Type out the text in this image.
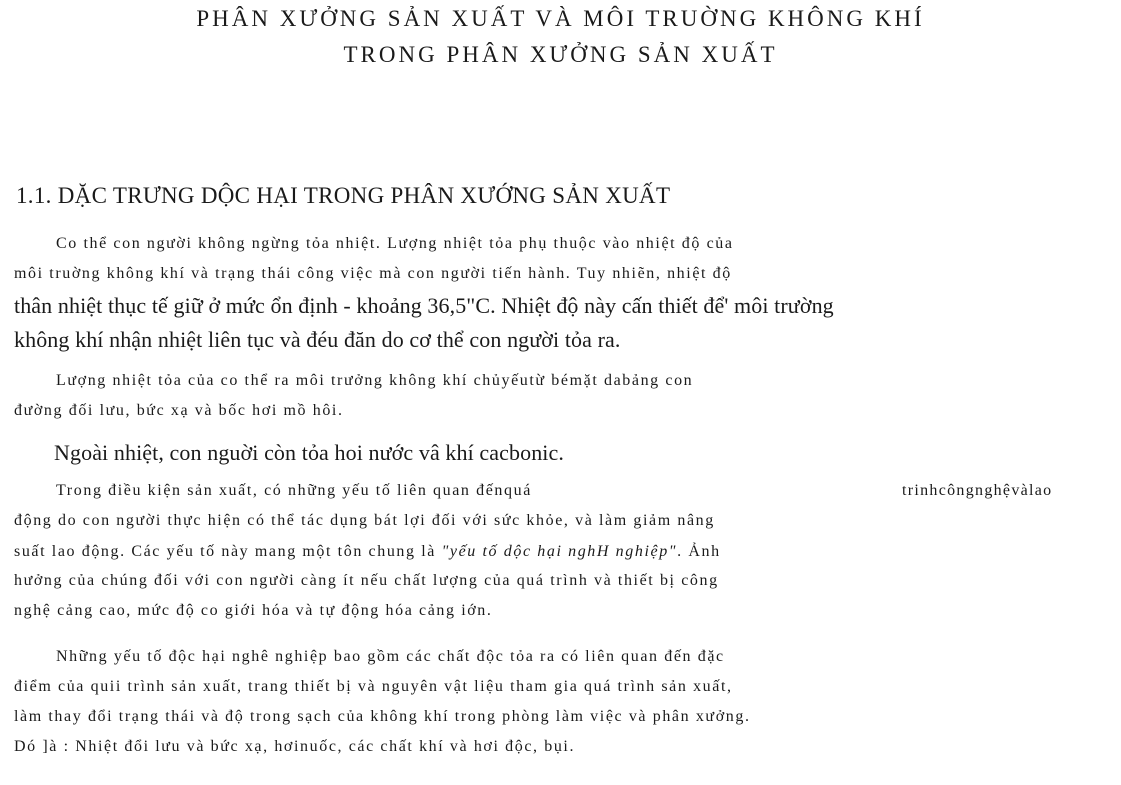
PHÂN XƯỞNG SẢN XUẤT VÀ MÔI TRUỜNG KHÔNG KHÍ
TRONG PHÂN XƯỞNG SẢN XUẤT
1.1. DẶC TRƯNG DỘC HẠI TRONG PHÂN XƯỚNG SẢN XUẤT

Co thể con người không ngừng tỏa nhiệt. Lượng nhiệt tỏa phụ thuộc vào nhiệt độ của

môi truờng không khí và trạng thái công việc mà con người tiến hành. Tuy nhiẽn, nhiệt độ

thân nhiệt thục tế giữ ở mức ổn định - khoảng 36,5"C. Nhiệt độ này cấn thiết để' môi trường

không khí nhận nhiệt liên tục và đéu đăn do cơ thể con người tỏa ra.

Lượng nhiệt tỏa của co thể ra môi trưởng không khí chủyếutừ bémặt dabảng con

đường đối lưu, bức xạ và bốc hơi mồ hôi.

Ngoài nhiệt, con nguời còn tỏa hoi nước vâ khí cacbonic.

Trong điều kiện sản xuất, có những yếu tố liên quan đếnquá	trinhcôngnghệvàlao

động do con người thực hiện có thể tác dụng bát lợi đối với sức khỏe, và làm giảm nâng

suất lao động. Các yếu tố này mang một tôn chung là "yếu tố dộc hại nghH nghiệp". Ảnh

hưởng của chúng đối với con người càng ít nếu chất lượng của quá trình và thiết bị công

nghệ cảng cao, mức độ co giới hóa và tự động hóa cảng iớn.

Những yếu tố độc hại nghê nghiệp bao gồm các chất độc tỏa ra có liên quan đến đặc

điểm của quii trình sản xuất, trang thiết bị và nguyên vật liệu tham gia quá trình sản xuất,

làm thay đổi trạng thái và độ trong sạch của không khí trong phòng làm việc và phân xưởng.

Dó ]à : Nhiệt đổi lưu và bức xạ, hơinuốc, các chất khí và hơi độc, bụi.
